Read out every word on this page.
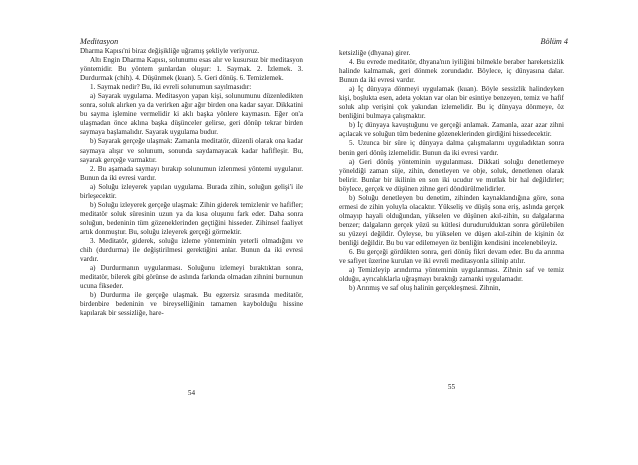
Meditasyon

Dharma Kapısı'ni biraz değişikliğe uğramış şekliyle veriyoruz.

Altı Engin Dharma Kapısı, solunumu esas alır ve kusursuz bir meditasyon yöntemidir. Bu yöntem şunlardan oluşur: 1. Saymak. 2. İzlemek. 3. Durdurmak (chih). 4. Düşünmek (kuan). 5. Geri dönüş. 6. Temizlemek.

1. Saymak nedir? Bu, iki evreli solunumun sayılmasıdır:

a) Sayarak uygulama. Meditasyon yapan kişi, solunumunu düzenledikten sonra, soluk alırken ya da verirken ağır ağır birden ona kadar sayar. Dikkatini bu sayma işlemine vermelidir ki aklı başka yönlere kaymasın. Eğer on'a ulaşmadan önce aklına başka düşünceler gelirse, geri dönüp tekrar birden saymaya başlamalıdır. Sayarak uygulama budur.

b) Sayarak gerçeğe ulaşmak: Zamanla meditatör, düzenli olarak ona kadar saymaya alışır ve solunum, sonunda saydamayacak kadar hafifleşir. Bu, sayarak gerçeğe varmaktır.

2. Bu aşamada saymayı bırakıp solunumun izlenmesi yöntemi uygulanır. Bunun da iki evresi vardır.

a) Soluğu izleyerek yapılan uygulama. Burada zihin, soluğun gelişi'i ile birleşecektir.

b) Soluğu izleyerek gerçeğe ulaşmak: Zihin giderek temizlenir ve hafifler; meditatör soluk süresinin uzun ya da kısa oluşunu fark eder. Daha sonra soluğun, bedeninin tüm gözeneklerinden geçtiğini hisseder. Zihinsel faaliyet artık donmuştur. Bu, soluğu izleyerek gerçeği görmektir.

3. Meditatör, giderek, soluğu izleme yönteminin yeterli olmadığını ve chih (durdurma) ile değiştirilmesi gerektiğini anlar. Bunun da iki evresi vardır.

a) Durdurmanın uygulanması. Soluğunu izlemeyi bıraktıktan sonra, meditatör, bilerek gibi görünse de aslında farkında olmadan zihnini burnunun ucuna fikseder.

b) Durdurma ile gerçeğe ulaşmak. Bu egzersiz sırasında meditatör, birdenbire bedeninin ve bireyselliğinin tamamen kaybolduğu hissine kapılarak bir sessizliğe, hare-

54
Bölüm 4

ketsizliğe (dhyana) girer.

4. Bu evrede meditatör, dhyana'nın iyiliğini bilmekle beraber hareketsizlik halinde kalmamak, geri dönmek zorundadır. Böylece, iç dünyasına dalar. Bunun da iki evresi vardır.

a) İç dünyaya dönmeyi uygulamak (kuan). Böyle sessizlik halindeyken kişi, boşlukta esen, adeta yoktan var olan bir esintiye benzeyen, temiz ve hafif soluk alıp verişini çok yakından izlemelidir. Bu iç dünyaya dönmeye, öz benliğini bulmaya çalışmaktır.

b) İç dünyaya kavuştuğunu ve gerçeği anlamak. Zamanla, azar azar zihni açılacak ve soluğun tüm bedenine gözeneklerinden girdiğini hissedecektir.

5. Uzunca bir süre iç dünyaya dalma çalışmalarını uyguladıktan sonra benin geri dönüş izlemelidir. Bunun da iki evresi vardır.

a) Geri dönüş yönteminin uygulanması. Dikkati soluğu denetlemeye yöneldiği zaman süje, zihin, denetleyen ve obje, soluk, denetlenen olarak belirir. Bunlar bir ikilinin en son iki ucudur ve mutlak bir hal değildirler; böylece, gerçek ve düşünen zihne geri döndürülmelidirler.

b) Soluğu denetleyen bu denetim, zihinden kaynaklandığına göre, sona ermesi de zihin yoluyla olacaktır. Yükseliş ve düşüş sona eriş, aslında gerçek olmayıp hayali olduğundan, yükselen ve düşünen akıl-zihin, su dalgalarına benzer; dalgaların gerçek yüzü su kütlesi durudurulduktan sonra görülebilen su yüzeyi değildir. Öyleyse, bu yükselen ve düşen akıl-zihin de kişinin öz benliği değildir. Bu bu var edilemeyen öz benliğin kendisini incelenebileyiz.

6. Bu gerçeği gördükten sonra, geri dönüş fikri devam eder. Bu da arınma ve safiyet üzerine kurulan ve iki evreli meditasyonla silinip atılır.

a) Temizleyip arındırma yönteminin uygulanması. Zihnin saf ve temiz olduğu, ayrıcalıklarla uğraşmayı bıraktığı zamanki uygulamadır.

b) Arınmış ve saf oluş halinin gerçekleşmesi. Zihnin,

55
